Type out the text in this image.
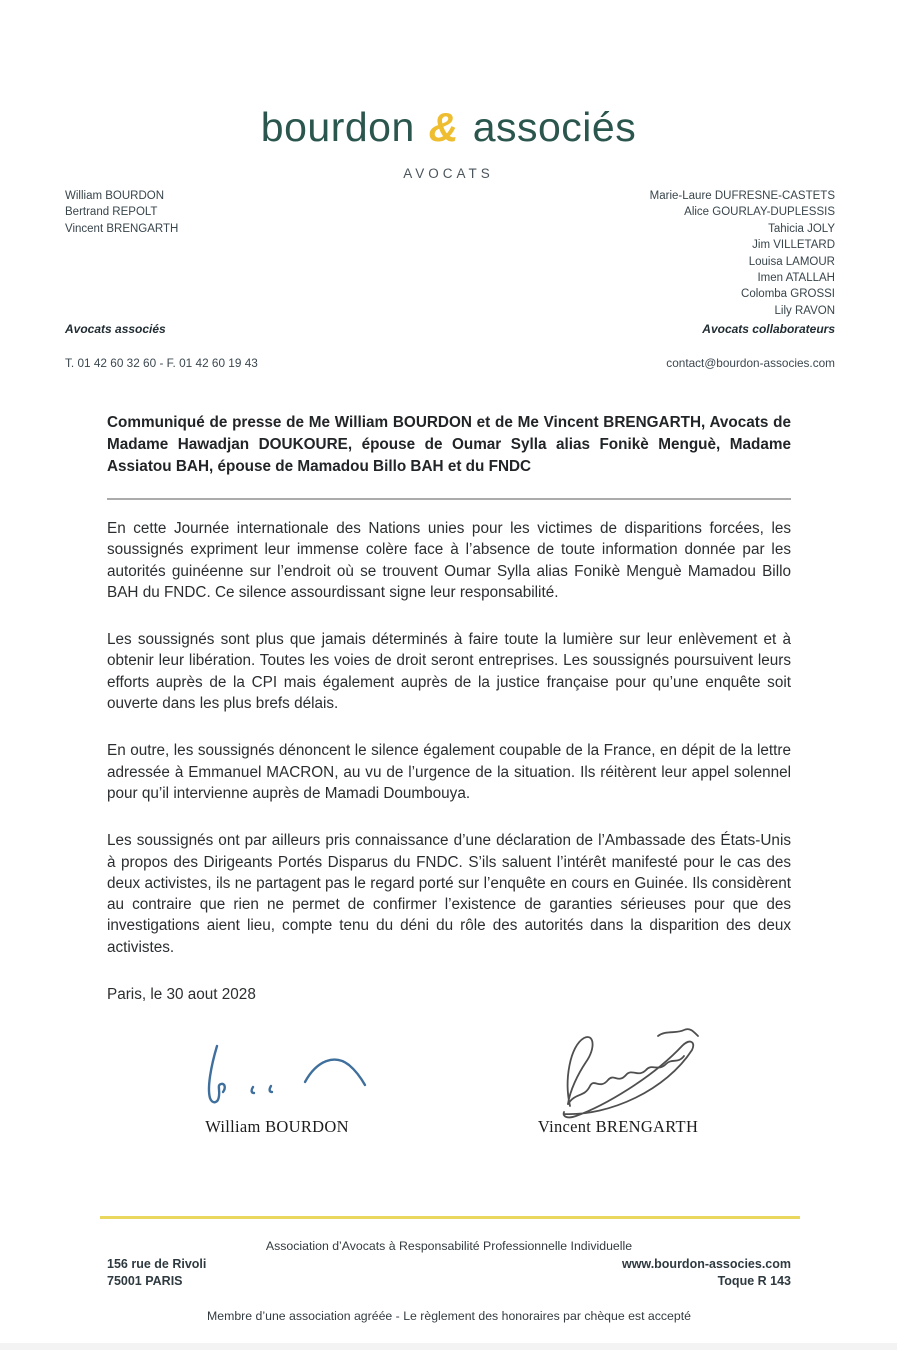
bourdon & associés
AVOCATS
William BOURDON
Bertrand REPOLT
Vincent BRENGARTH
Marie-Laure DUFRESNE-CASTETS
Alice GOURLAY-DUPLESSIS
Tahicia JOLY
Jim VILLETARD
Louisa LAMOUR
Imen ATALLAH
Colomba GROSSI
Lily RAVON
Avocats associés	Avocats collaborateurs
T. 01 42 60 32 60 - F. 01 42 60 19 43	contact@bourdon-associes.com

Communiqué de presse de Me William BOURDON et de Me Vincent BRENGARTH, Avocats de Madame Hawadjan DOUKOURE, épouse de Oumar Sylla alias Fonikè Menguè, Madame Assiatou BAH, épouse de Mamadou Billo BAH et du FNDC

En cette Journée internationale des Nations unies pour les victimes de disparitions forcées, les soussignés expriment leur immense colère face à l’absence de toute information donnée par les autorités guinéenne sur l’endroit où se trouvent Oumar Sylla alias Fonikè Menguè Mamadou Billo BAH du FNDC. Ce silence assourdissant signe leur responsabilité.

Les soussignés sont plus que jamais déterminés à faire toute la lumière sur leur enlèvement et à obtenir leur libération. Toutes les voies de droit seront entreprises. Les soussignés poursuivent leurs efforts auprès de la CPI mais également auprès de la justice française pour qu’une enquête soit ouverte dans les plus brefs délais.

En outre, les soussignés dénoncent le silence également coupable de la France, en dépit de la lettre adressée à Emmanuel MACRON, au vu de l’urgence de la situation. Ils réitèrent leur appel solennel pour qu’il intervienne auprès de Mamadi Doumbouya.

Les soussignés ont par ailleurs pris connaissance d’une déclaration de l’Ambassade des États-Unis à propos des Dirigeants Portés Disparus du FNDC. S’ils saluent l’intérêt manifesté pour le cas des deux activistes, ils ne partagent pas le regard porté sur l’enquête en cours en Guinée. Ils considèrent au contraire que rien ne permet de confirmer l’existence de garanties sérieuses pour que des investigations aient lieu, compte tenu du déni du rôle des autorités dans la disparition des deux activistes.

Paris, le 30 aout 2028

William BOURDON	Vincent BRENGARTH
Association d’Avocats à Responsabilité Professionnelle Individuelle
156 rue de Rivoli
75001 PARIS
www.bourdon-associes.com
Toque R 143
Membre d’une association agréée - Le règlement des honoraires par chèque est accepté
